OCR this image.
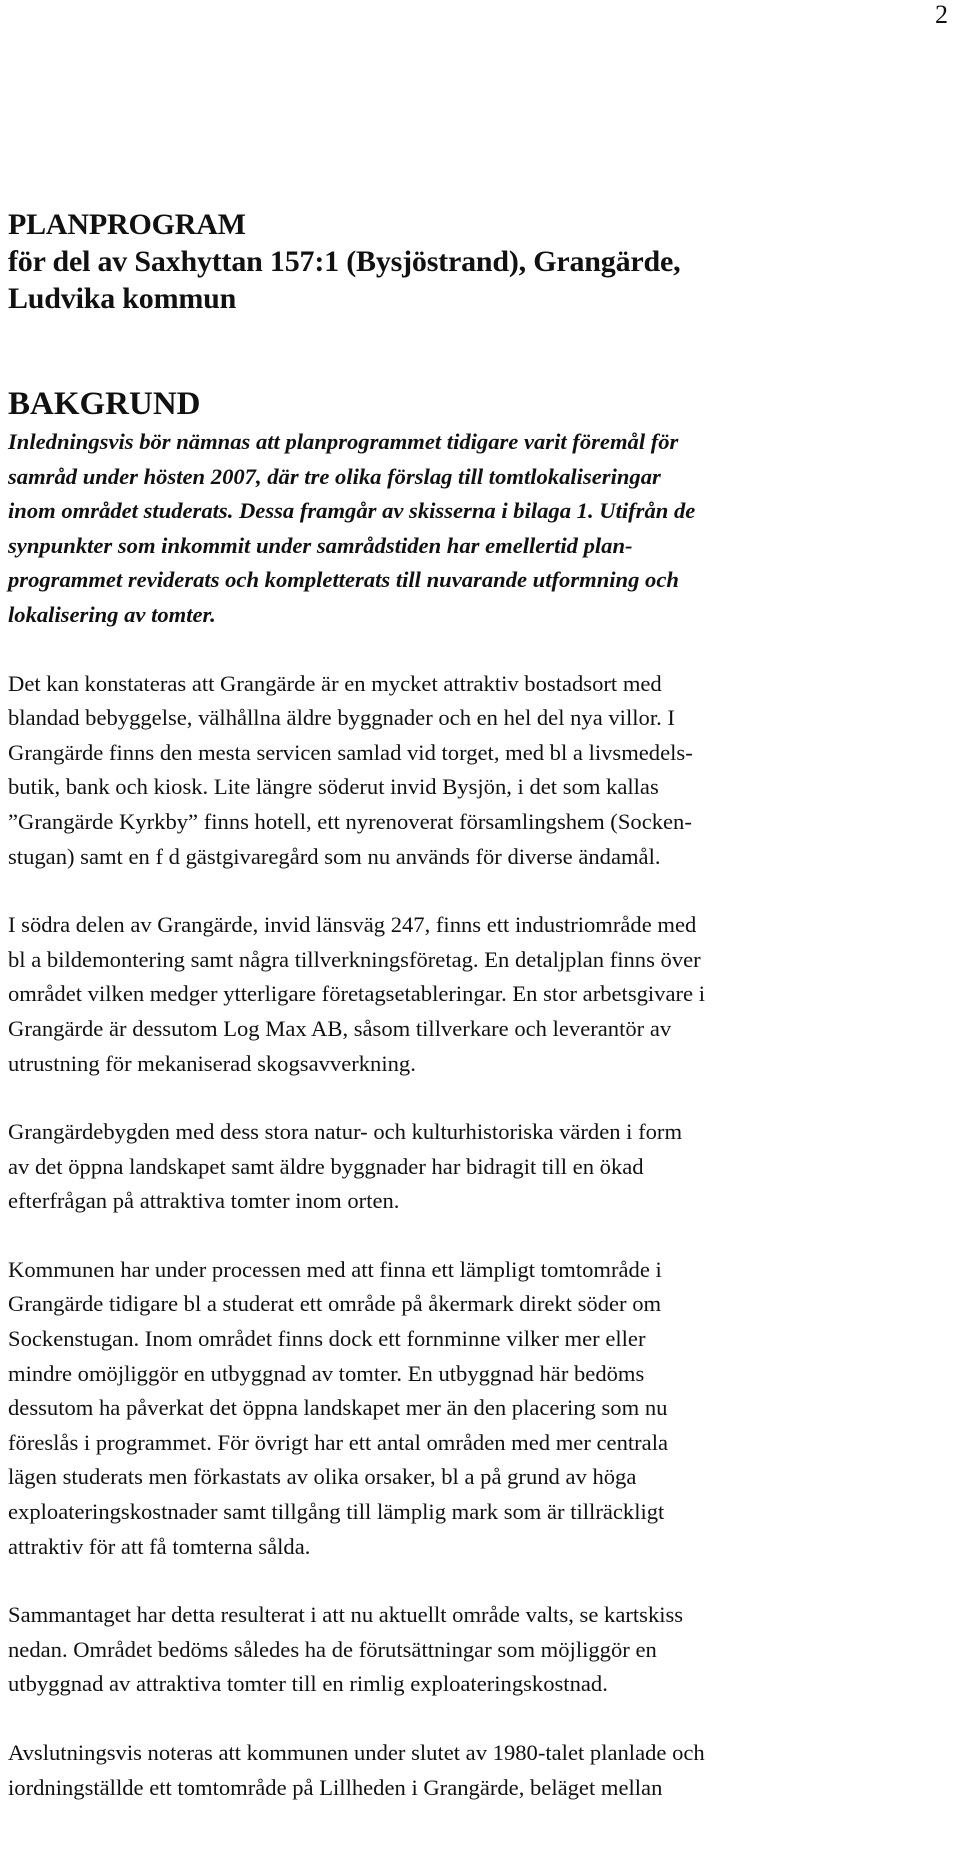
2
PLANPROGRAM
för del av Saxhyttan 157:1 (Bysjöstrand), Grangärde,
Ludvika kommun
BAKGRUND
Inledningsvis bör nämnas att planprogrammet tidigare varit föremål för
samråd under hösten 2007, där tre olika förslag till tomtlokaliseringar
inom området studerats. Dessa framgår av skisserna i bilaga 1. Utifrån de
synpunkter som inkommit under samrådstiden har emellertid plan-
programmet reviderats och kompletterats till nuvarande utformning och
lokalisering av tomter.
Det kan konstateras att Grangärde är en mycket attraktiv bostadsort med
blandad bebyggelse, välhållna äldre byggnader och en hel del nya villor. I
Grangärde finns den mesta servicen samlad vid torget, med bl a livsmedels-
butik, bank och kiosk. Lite längre söderut invid Bysjön, i det som kallas
”Grangärde Kyrkby” finns hotell, ett nyrenoverat församlingshem (Socken-
stugan) samt en f d gästgivaregård som nu används för diverse ändamål.
I södra delen av Grangärde, invid länsväg 247, finns ett industriområde med
bl a bildemontering samt några tillverkningsföretag. En detaljplan finns över
området vilken medger ytterligare företagsetableringar. En stor arbetsgivare i
Grangärde är dessutom Log Max AB, såsom tillverkare och leverantör av
utrustning för mekaniserad skogsavverkning.
Grangärdebygden med dess stora natur- och kulturhistoriska värden i form
av det öppna landskapet samt äldre byggnader har bidragit till en ökad
efterfrågan på attraktiva tomter inom orten.
Kommunen har under processen med att finna ett lämpligt tomtområde i
Grangärde tidigare bl a studerat ett område på åkermark direkt söder om
Sockenstugan. Inom området finns dock ett fornminne vilker mer eller
mindre omöjliggör en utbyggnad av tomter. En utbyggnad här bedöms
dessutom ha påverkat det öppna landskapet mer än den placering som nu
föreslås i programmet. För övrigt har ett antal områden med mer centrala
lägen studerats men förkastats av olika orsaker, bl a på grund av höga
exploateringskostnader samt tillgång till lämplig mark som är tillräckligt
attraktiv för att få tomterna sålda.
Sammantaget har detta resulterat i att nu aktuellt område valts, se kartskiss
nedan. Området bedöms således ha de förutsättningar som möjliggör en
utbyggnad av attraktiva tomter till en rimlig exploateringskostnad.
Avslutningsvis noteras att kommunen under slutet av 1980-talet planlade och
iordningställde ett tomtområde på Lillheden i Grangärde, beläget mellan
